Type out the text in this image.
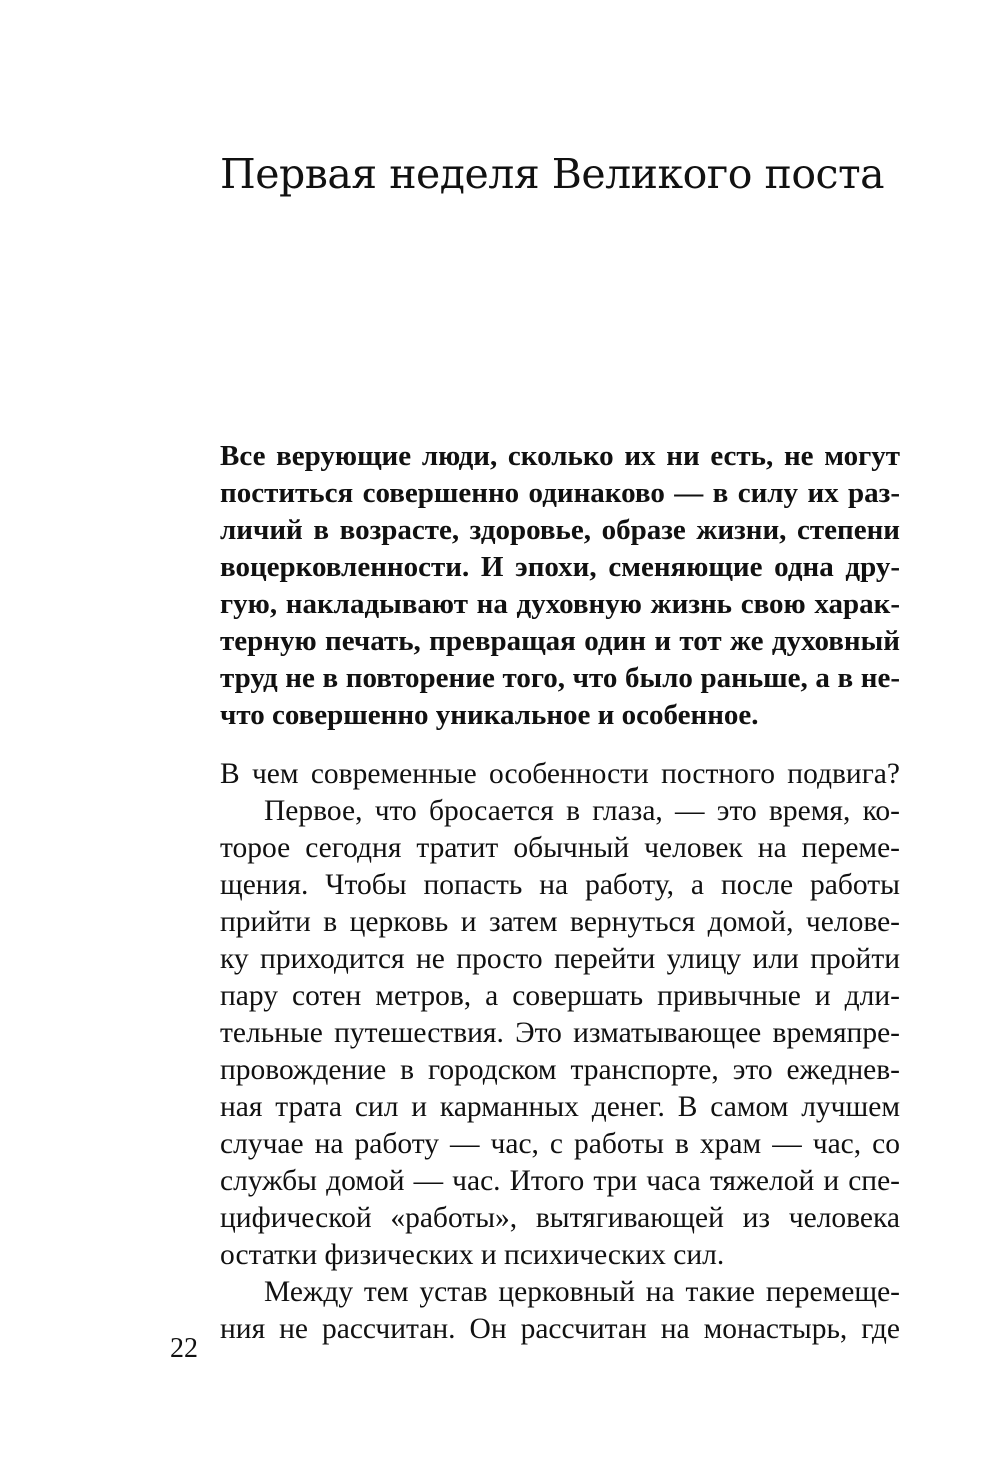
Первая неделя Великого поста
Все верующие люди, сколько их ни есть, не могут
поститься совершенно одинаково — в силу их раз-
личий в возрасте, здоровье, образе жизни, степени
воцерковленности. И эпохи, сменяющие одна дру-
гую, накладывают на духовную жизнь свою харак-
терную печать, превращая один и тот же духовный
труд не в повторение того, что было раньше, а в не-
что совершенно уникальное и особенное.
В чем современные особенности постного подвига?
Первое, что бросается в глаза, — это время, ко-
торое сегодня тратит обычный человек на переме-
щения. Чтобы попасть на работу, а после работы
прийти в церковь и затем вернуться домой, челове-
ку приходится не просто перейти улицу или пройти
пару сотен метров, а совершать привычные и дли-
тельные путешествия. Это изматывающее времяпре-
провождение в городском транспорте, это ежеднев-
ная трата сил и карманных денег. В самом лучшем
случае на работу — час, с работы в храм — час, со
службы домой — час. Итого три часа тяжелой и спе-
цифической «работы», вытягивающей из человека
остатки физических и психических сил.
Между тем устав церковный на такие перемеще-
ния не рассчитан. Он рассчитан на монастырь, где
22
